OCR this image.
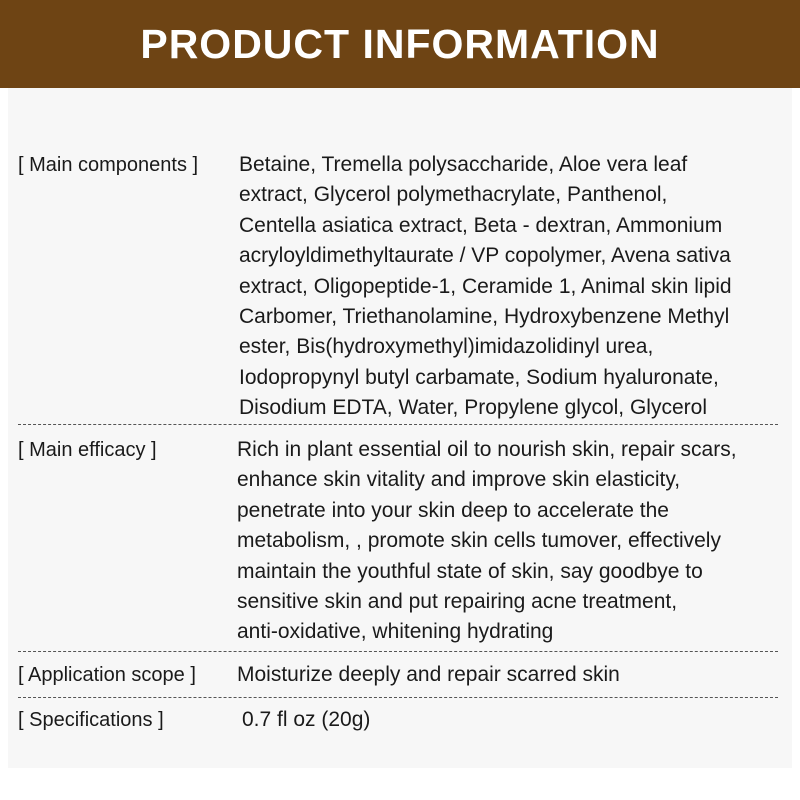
PRODUCT INFORMATION
[ Main components ] Betaine, Tremella polysaccharide, Aloe vera leaf
extract, Glycerol polymethacrylate, Panthenol,
Centella asiatica extract, Beta - dextran, Ammonium
acryloyldimethyltaurate / VP copolymer, Avena sativa
extract, Oligopeptide-1, Ceramide 1, Animal skin lipid
Carbomer, Triethanolamine, Hydroxybenzene Methyl
ester, Bis(hydroxymethyl)imidazolidinyl urea,
Iodopropynyl butyl carbamate, Sodium hyaluronate,
Disodium EDTA, Water, Propylene glycol, Glycerol
[ Main efficacy ]	Rich in plant essential oil to nourish skin, repair scars,
enhance skin vitality and improve skin elasticity,
penetrate into your skin deep to accelerate the
metabolism, , promote skin cells tumover, effectively
maintain the youthful state of skin, say goodbye to
sensitive skin and put repairing acne treatment,
anti-oxidative, whitening hydrating
[ Application scope ] Moisturize deeply and repair scarred skin
[ Specifications ]	0.7 fl oz (20g)
